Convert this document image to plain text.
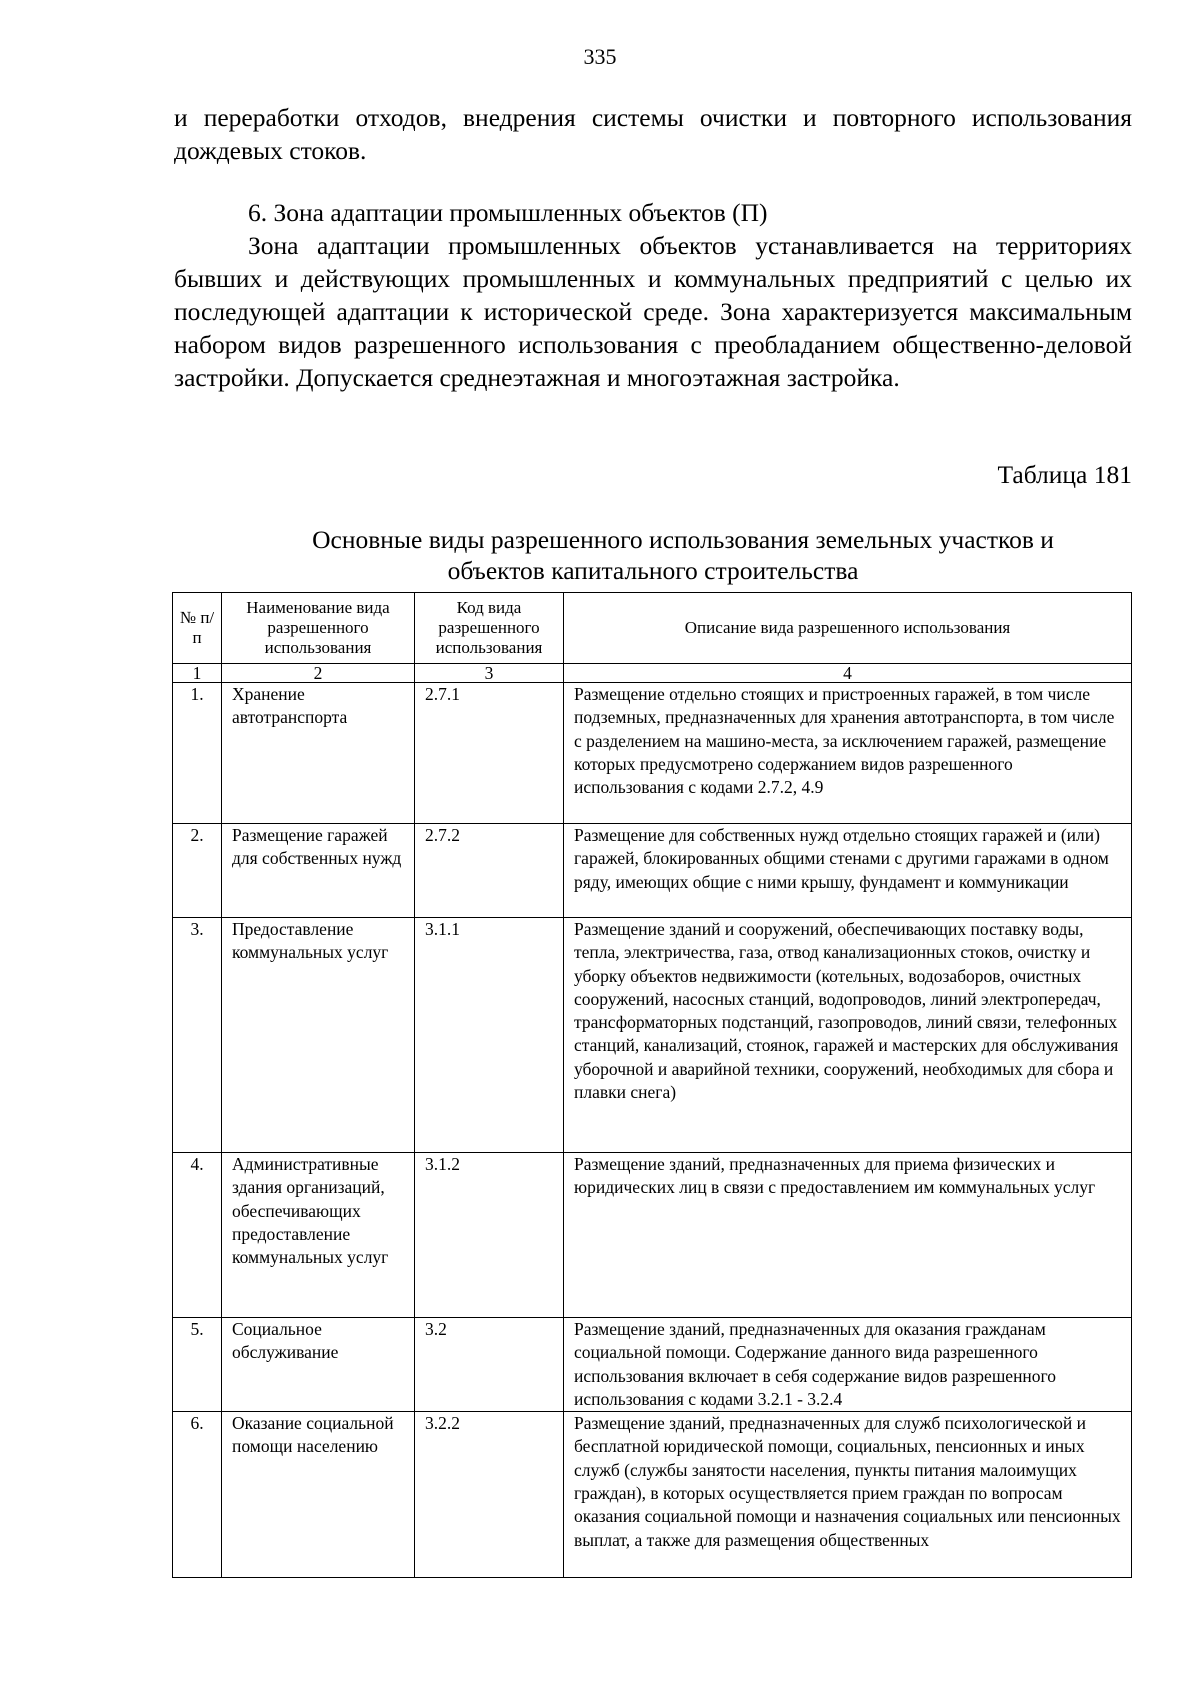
335
и переработки отходов, внедрения системы очистки и повторного использования дождевых стоков.
6. Зона адаптации промышленных объектов (П)
Зона адаптации промышленных объектов устанавливается на территориях бывших и действующих промышленных и коммунальных предприятий с целью их последующей адаптации к исторической среде. Зона характеризуется максимальным набором видов разрешенного использования с преобладанием общественно-деловой застройки. Допускается среднеэтажная и многоэтажная застройка.
Таблица 181
Основные виды разрешенного использования земельных участков и
объектов капитального строительства
№ п/п	Наименование вида разрешенного использования	Код вида разрешенного использования	Описание вида разрешенного использования
1	2	3	4
1.	Хранение автотранспорта	2.7.1	Размещение отдельно стоящих и пристроенных гаражей, в том числе подземных, предназначенных для хранения автотранспорта, в том числе с разделением на машино-места, за исключением гаражей, размещение которых предусмотрено содержанием видов разрешенного использования с кодами 2.7.2, 4.9
2.	Размещение гаражей для собственных нужд	2.7.2	Размещение для собственных нужд отдельно стоящих гаражей и (или) гаражей, блокированных общими стенами с другими гаражами в одном ряду, имеющих общие с ними крышу, фундамент и коммуникации
3.	Предоставление коммунальных услуг	3.1.1	Размещение зданий и сооружений, обеспечивающих поставку воды, тепла, электричества, газа, отвод канализационных стоков, очистку и уборку объектов недвижимости (котельных, водозаборов, очистных сооружений, насосных станций, водопроводов, линий электропередач, трансформаторных подстанций, газопроводов, линий связи, телефонных станций, канализаций, стоянок, гаражей и мастерских для обслуживания уборочной и аварийной техники, сооружений, необходимых для сбора и плавки снега)
4.	Административные здания организаций, обеспечивающих предоставление коммунальных услуг	3.1.2	Размещение зданий, предназначенных для приема физических и юридических лиц в связи с предоставлением им коммунальных услуг
5.	Социальное обслуживание	3.2	Размещение зданий, предназначенных для оказания гражданам социальной помощи. Содержание данного вида разрешенного использования включает в себя содержание видов разрешенного использования с кодами 3.2.1 - 3.2.4
6.	Оказание социальной помощи населению	3.2.2	Размещение зданий, предназначенных для служб психологической и бесплатной юридической помощи, социальных, пенсионных и иных служб (службы занятости населения, пункты питания малоимущих граждан), в которых осуществляется прием граждан по вопросам оказания социальной помощи и назначения социальных или пенсионных выплат, а также для размещения общественных
